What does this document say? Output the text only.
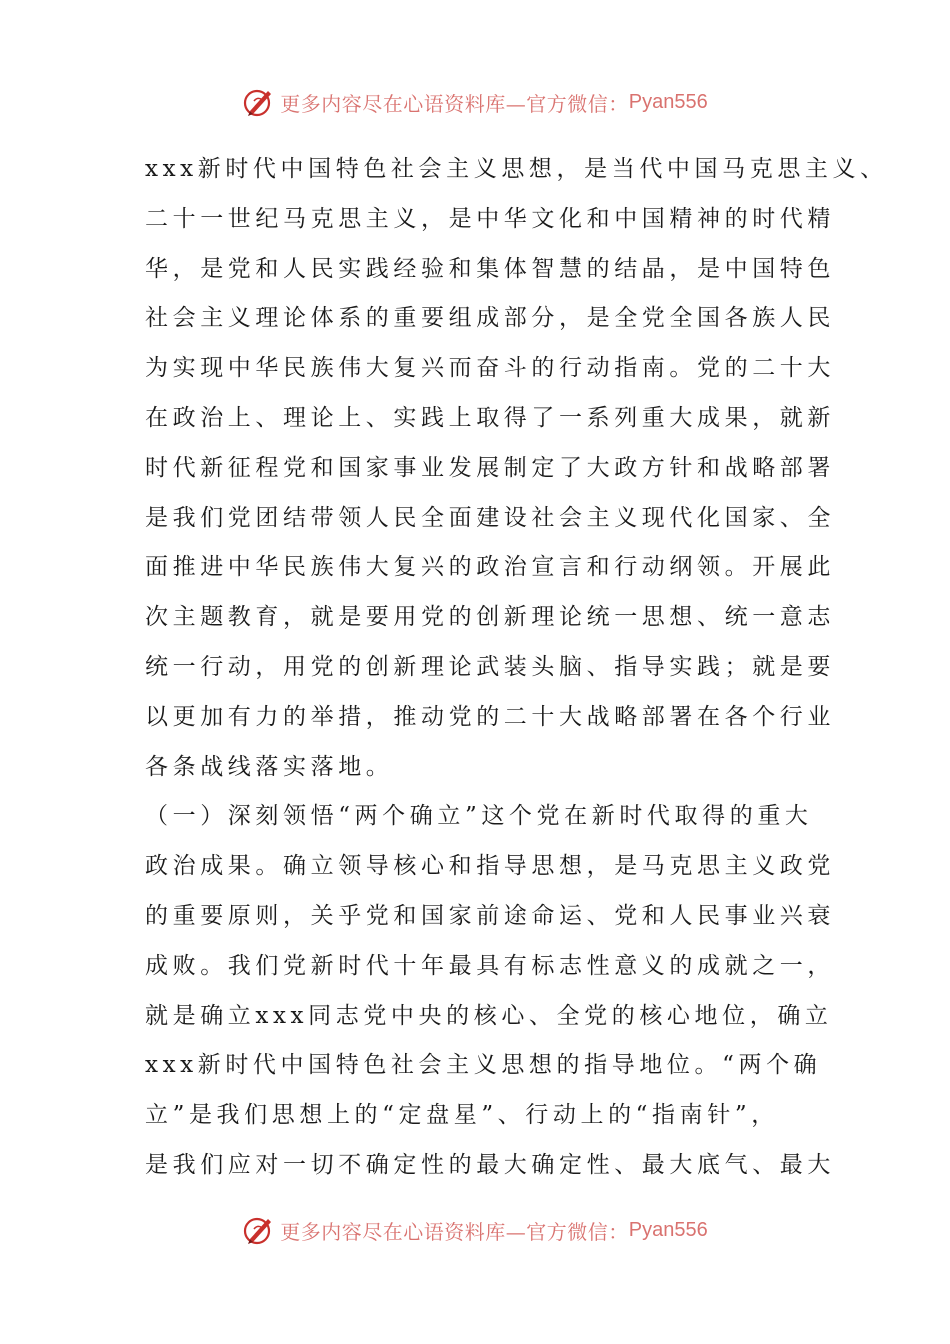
更多内容尽在心语资料库—官方微信： Pyan556
xxx新时代中国特色社会主义思想，是当代中国马克思主义、
二十一世纪马克思主义，是中华文化和中国精神的时代精
华，是党和人民实践经验和集体智慧的结晶，是中国特色
社会主义理论体系的重要组成部分，是全党全国各族人民
为实现中华民族伟大复兴而奋斗的行动指南。党的二十大
在政治上、理论上、实践上取得了一系列重大成果，就新
时代新征程党和国家事业发展制定了大政方针和战略部署
是我们党团结带领人民全面建设社会主义现代化国家、全
面推进中华民族伟大复兴的政治宣言和行动纲领。开展此
次主题教育，就是要用党的创新理论统一思想、统一意志
统一行动，用党的创新理论武装头脑、指导实践；就是要
以更加有力的举措，推动党的二十大战略部署在各个行业
各条战线落实落地。
（一）深刻领悟“两个确立”这个党在新时代取得的重大
政治成果。确立领导核心和指导思想，是马克思主义政党
的重要原则，关乎党和国家前途命运、党和人民事业兴衰
成败。我们党新时代十年最具有标志性意义的成就之一，
就是确立xxx同志党中央的核心、全党的核心地位，确立
xxx新时代中国特色社会主义思想的指导地位。“两个确
立”是我们思想上的“定盘星”、行动上的“指南针”，
是我们应对一切不确定性的最大确定性、最大底气、最大
更多内容尽在心语资料库—官方微信： Pyan556
